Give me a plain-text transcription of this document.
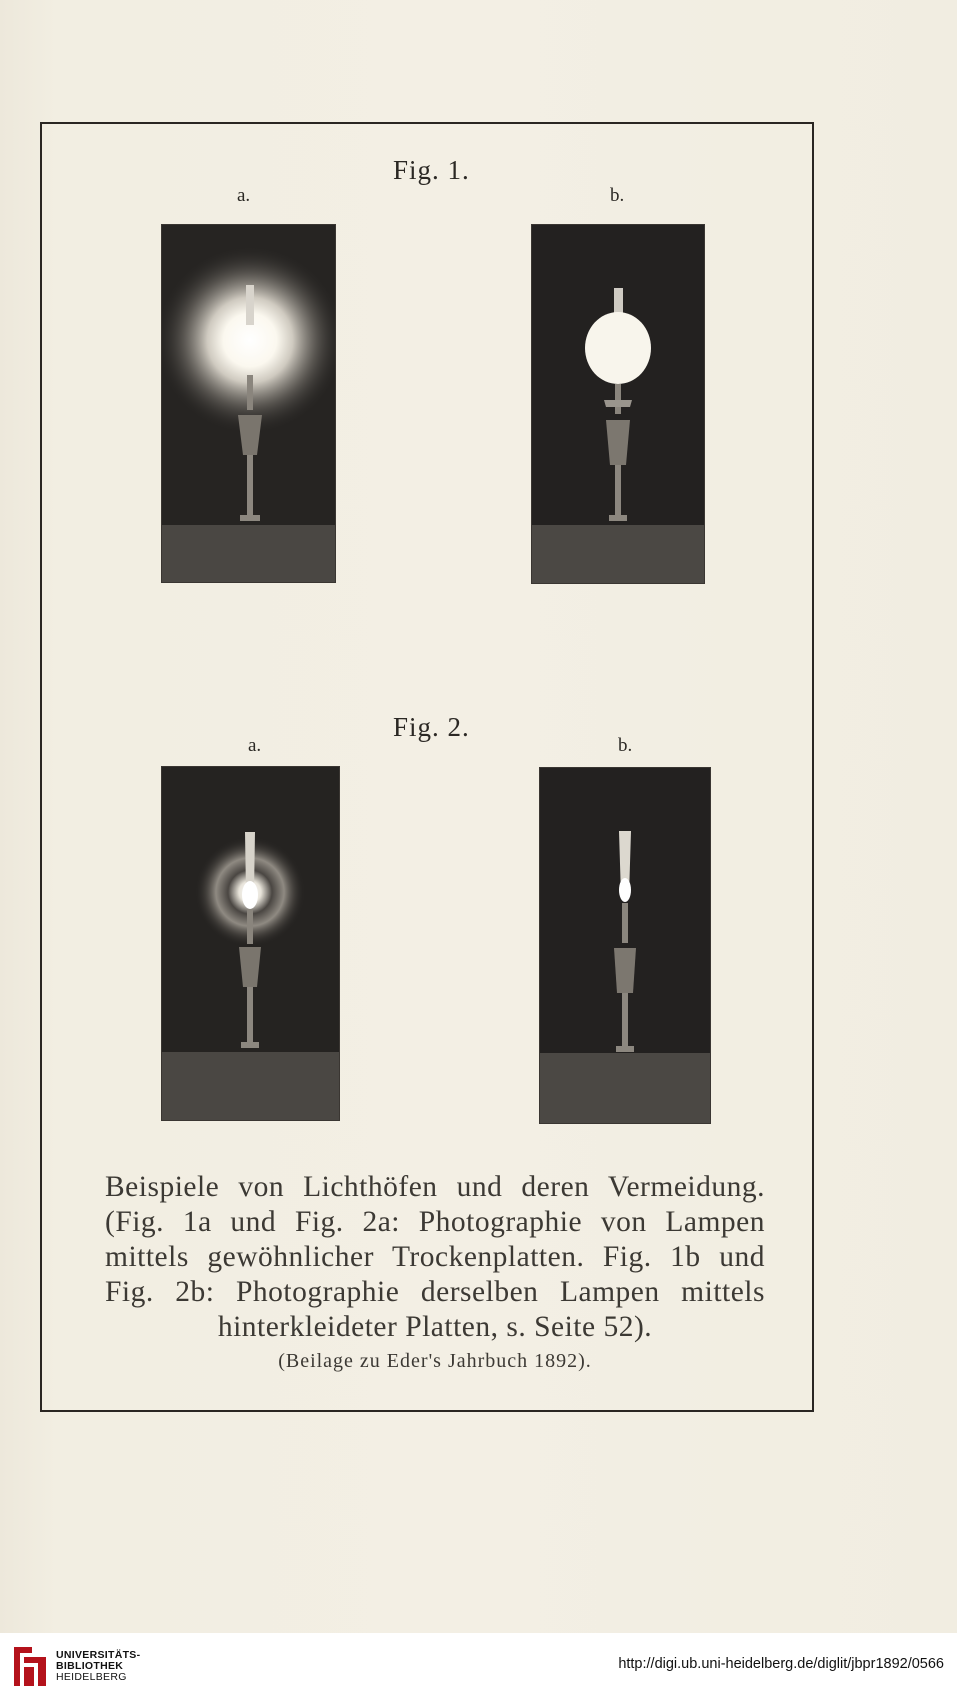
Fig. 1.
a.	b.
Fig. 2.
a.	b.
Beispiele von Lichthöfen und deren Vermeidung.
(Fig. 1a und Fig. 2a: Photographie von Lampen
mittels gewöhnlicher Trockenplatten. Fig. 1b und
Fig. 2b: Photographie derselben Lampen mittels
hinterkleideter Platten, s. Seite 52).
(Beilage zu Eder's Jahrbuch 1892).
UNIVERSITÄTS-
BIBLIOTHEK
HEIDELBERG
http://digi.ub.uni-heidelberg.de/diglit/jbpr1892/0566
